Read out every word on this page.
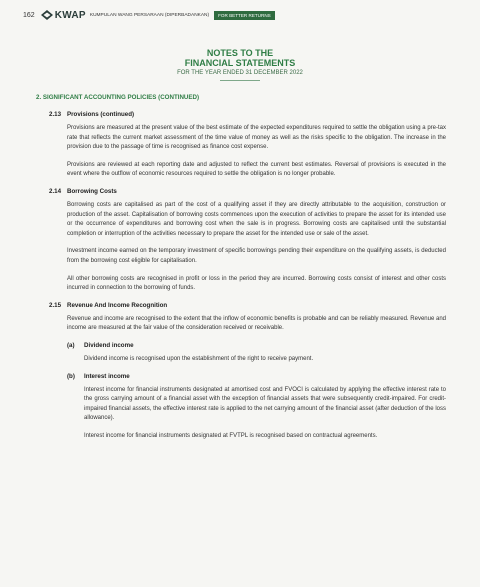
162 KWAP KUMPULAN WANG PERSARAAN (DIPERBADANKAN)	FOR BETTER RETURNS
NOTES TO THE
FINANCIAL STATEMENTS
FOR THE YEAR ENDED 31 DECEMBER 2022
2. SIGNIFICANT ACCOUNTING POLICIES (CONTINUED)
2.13 Provisions (continued)

Provisions are measured at the present value of the best estimate of the expected expenditures required to settle the obligation using a pre-tax rate that reflects the current market assessment of the time value of money as well as the risks specific to the obligation. The increase in the provision due to the passage of time is recognised as finance cost expense.

Provisions are reviewed at each reporting date and adjusted to reflect the current best estimates. Reversal of provisions is executed in the event where the outflow of economic resources required to settle the obligation is no longer probable.

2.14 Borrowing Costs

Borrowing costs are capitalised as part of the cost of a qualifying asset if they are directly attributable to the acquisition, construction or production of the asset. Capitalisation of borrowing costs commences upon the execution of activities to prepare the asset for its intended use or the occurrence of expenditures and borrowing cost when the sale is in progress. Borrowing costs are capitalised until the substantial completion or interruption of the activities necessary to prepare the asset for the intended use or sale of the asset.

Investment income earned on the temporary investment of specific borrowings pending their expenditure on the qualifying assets, is deducted from the borrowing cost eligible for capitalisation.

All other borrowing costs are recognised in profit or loss in the period they are incurred. Borrowing costs consist of interest and other costs incurred in connection to the borrowing of funds.

2.15 Revenue And Income Recognition

Revenue and income are recognised to the extent that the inflow of economic benefits is probable and can be reliably measured. Revenue and income are measured at the fair value of the consideration received or receivable.

(a) Dividend income

Dividend income is recognised upon the establishment of the right to receive payment.

(b) Interest income

Interest income for financial instruments designated at amortised cost and FVOCI is calculated by applying the effective interest rate to the gross carrying amount of a financial asset with the exception of financial assets that were subsequently credit-impaired. For credit-impaired financial assets, the effective interest rate is applied to the net carrying amount of the financial asset (after deduction of the loss allowance).

Interest income for financial instruments designated at FVTPL is recognised based on contractual agreements.
